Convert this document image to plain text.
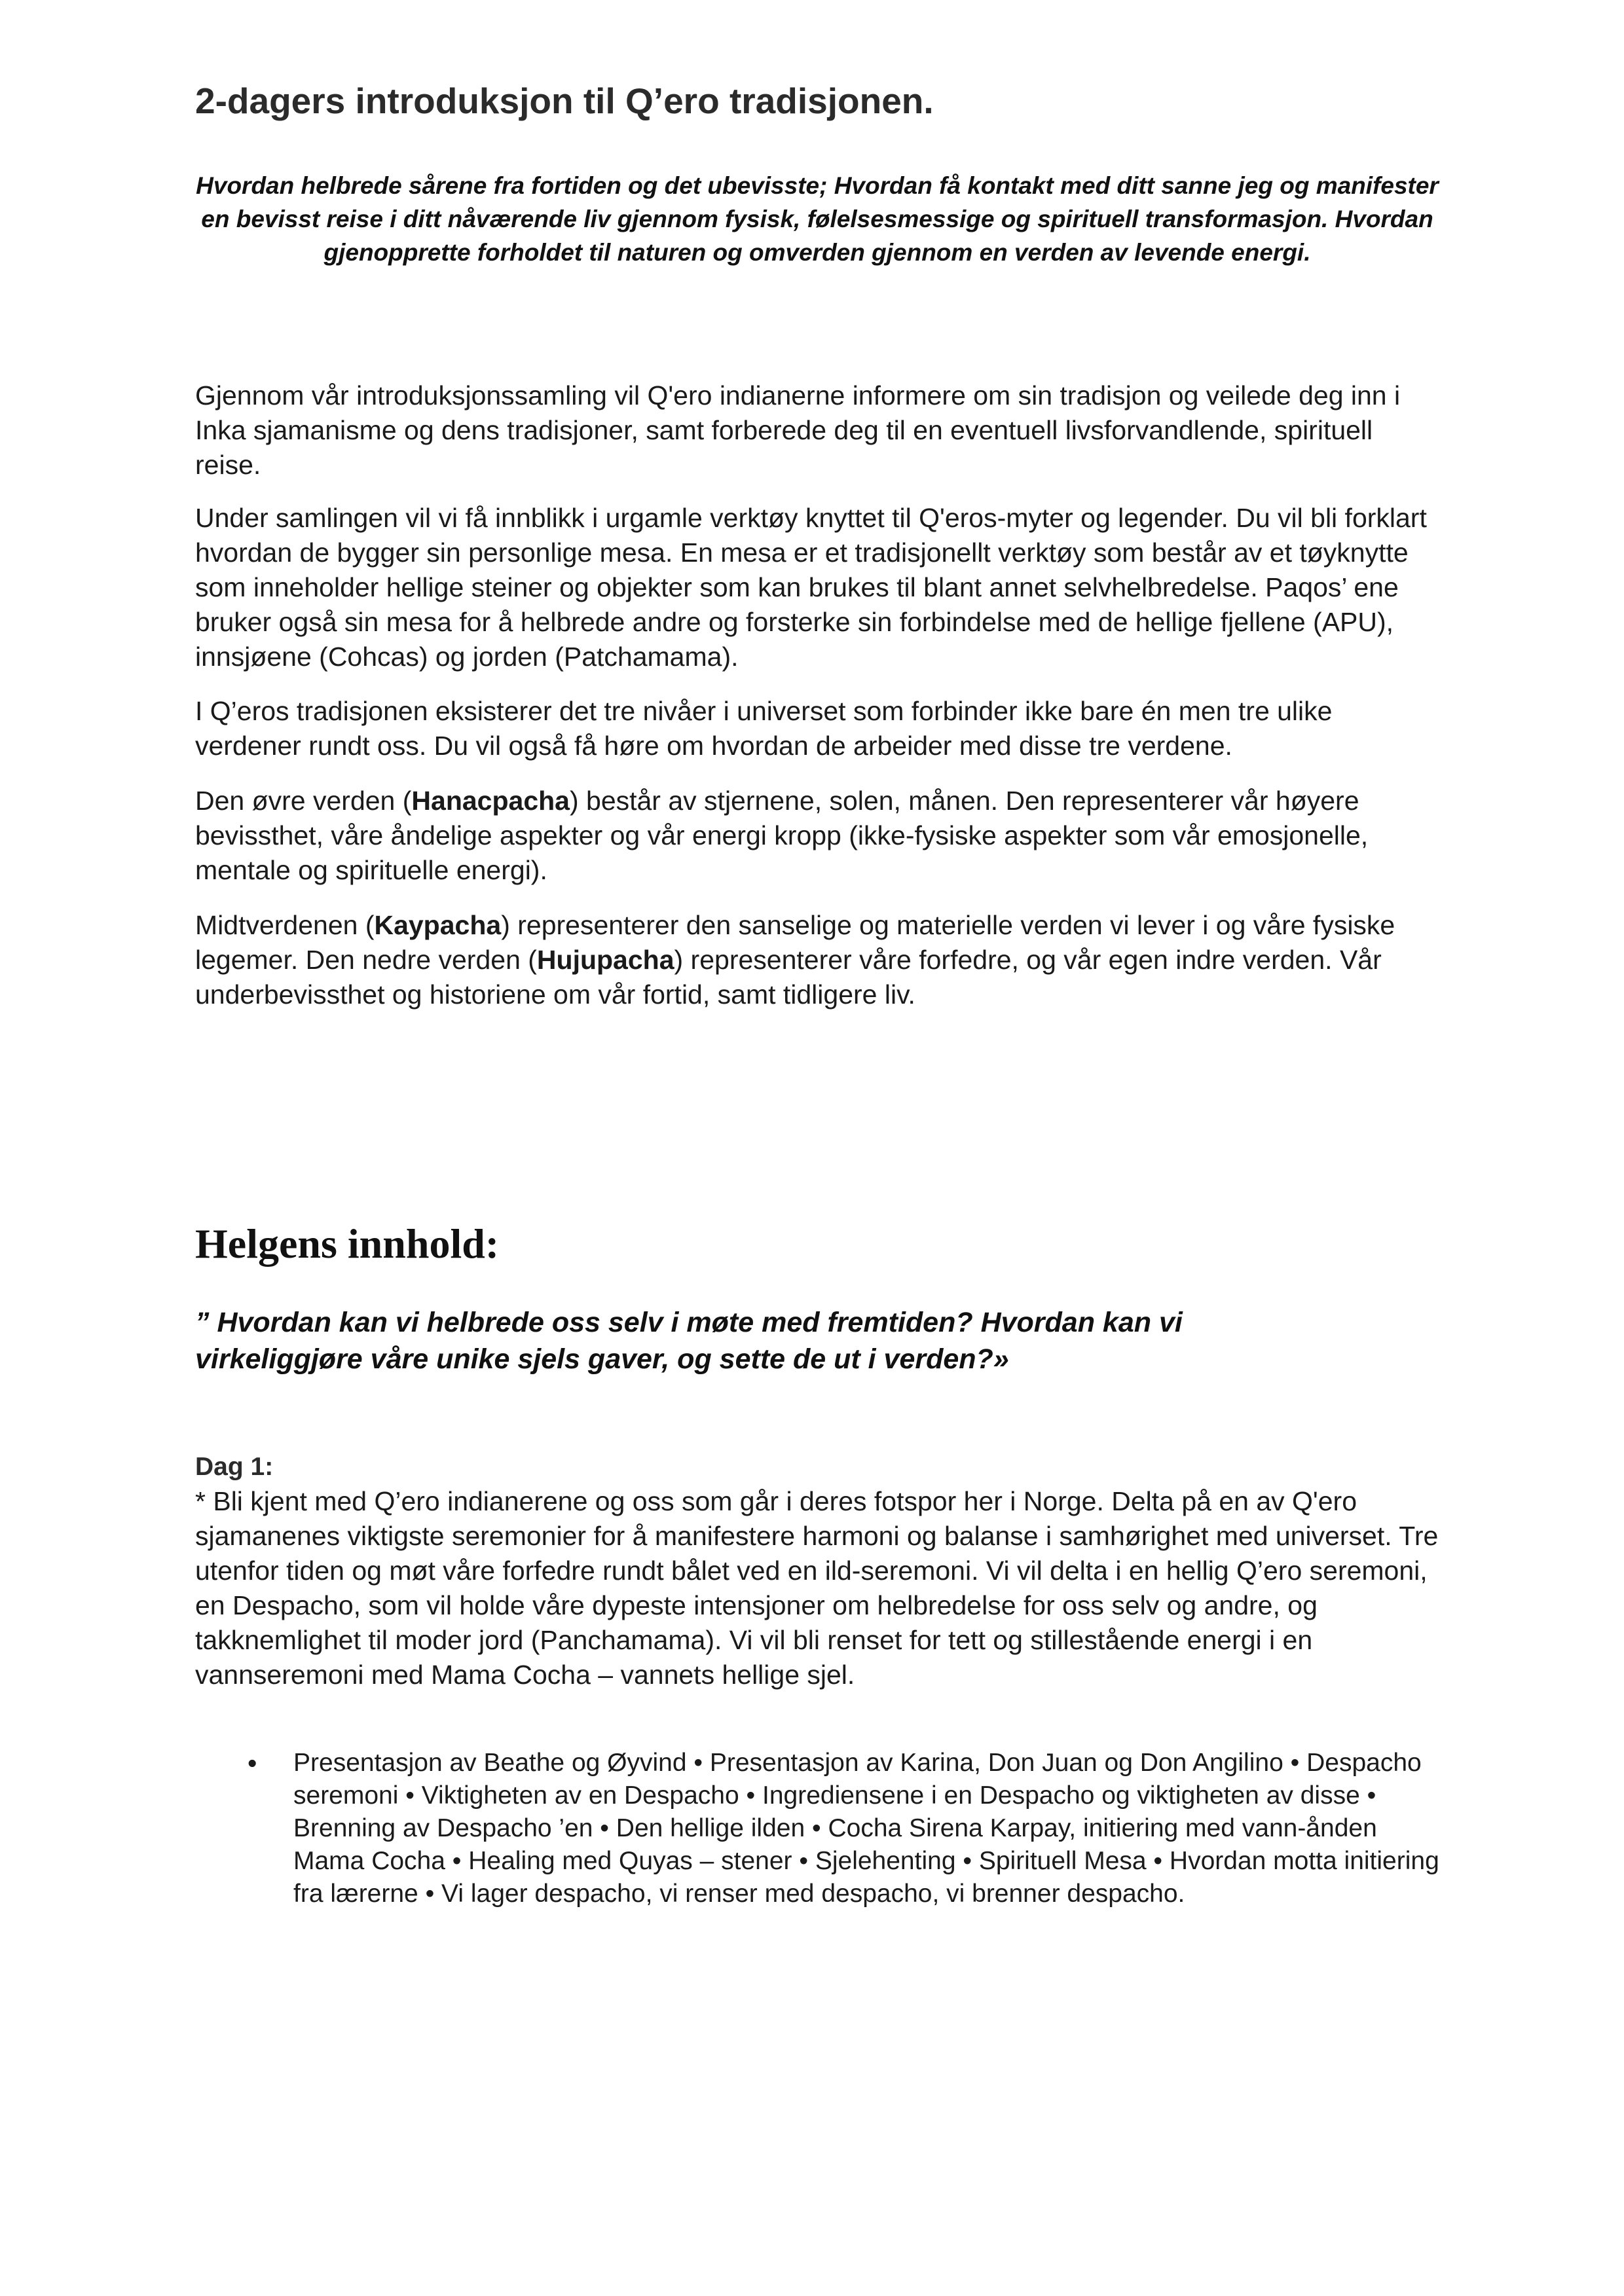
2-dagers introduksjon til Q’ero tradisjonen.

Hvordan helbrede sårene fra fortiden og det ubevisste; Hvordan få kontakt med ditt sanne jeg og manifester en bevisst reise i ditt nåværende liv gjennom fysisk, følelsesmessige og spirituell transformasjon. Hvordan gjenopprette forholdet til naturen og omverden gjennom en verden av levende energi.

Gjennom vår introduksjonssamling vil Q'ero indianerne informere om sin tradisjon og veilede deg inn i Inka sjamanisme og dens tradisjoner, samt forberede deg til en eventuell livsforvandlende, spirituell reise.

Under samlingen vil vi få innblikk i urgamle verktøy knyttet til Q'eros-myter og legender. Du vil bli forklart hvordan de bygger sin personlige mesa. En mesa er et tradisjonellt verktøy som består av et tøyknytte som inneholder hellige steiner og objekter som kan brukes til blant annet selvhelbredelse. Paqos’ ene bruker også sin mesa for å helbrede andre og forsterke sin forbindelse med de hellige fjellene (APU), innsjøene (Cohcas) og jorden (Patchamama).

I Q’eros tradisjonen eksisterer det tre nivåer i universet som forbinder ikke bare én men tre ulike verdener rundt oss. Du vil også få høre om hvordan de arbeider med disse tre verdene.

Den øvre verden (Hanacpacha) består av stjernene, solen, månen. Den representerer vår høyere bevissthet, våre åndelige aspekter og vår energi kropp (ikke-fysiske aspekter som vår emosjonelle, mentale og spirituelle energi).

Midtverdenen (Kaypacha) representerer den sanselige og materielle verden vi lever i og våre fysiske legemer. Den nedre verden (Hujupacha) representerer våre forfedre, og vår egen indre verden. Vår underbevissthet og historiene om vår fortid, samt tidligere liv.

Helgens innhold:

” Hvordan kan vi helbrede oss selv i møte med fremtiden? Hvordan kan vi virkeliggjøre våre unike sjels gaver, og sette de ut i verden?»

Dag 1:

* Bli kjent med Q’ero indianerene og oss som går i deres fotspor her i Norge. Delta på en av Q'ero sjamanenes viktigste seremonier for å manifestere harmoni og balanse i samhørighet med universet. Tre utenfor tiden og møt våre forfedre rundt bålet ved en ild-seremoni. Vi vil delta i en hellig Q’ero seremoni, en Despacho, som vil holde våre dypeste intensjoner om helbredelse for oss selv og andre, og takknemlighet til moder jord (Panchamama). Vi vil bli renset for tett og stillestående energi i en vannseremoni med Mama Cocha – vannets hellige sjel.

•	Presentasjon av Beathe og Øyvind • Presentasjon av Karina, Don Juan og Don Angilino • Despacho seremoni • Viktigheten av en Despacho • Ingrediensene i en Despacho og viktigheten av disse • Brenning av Despacho ’en • Den hellige ilden • Cocha Sirena Karpay, initiering med vann-ånden Mama Cocha • Healing med Quyas – stener • Sjelehenting • Spirituell Mesa • Hvordan motta initiering fra lærerne • Vi lager despacho, vi renser med despacho, vi brenner despacho.
